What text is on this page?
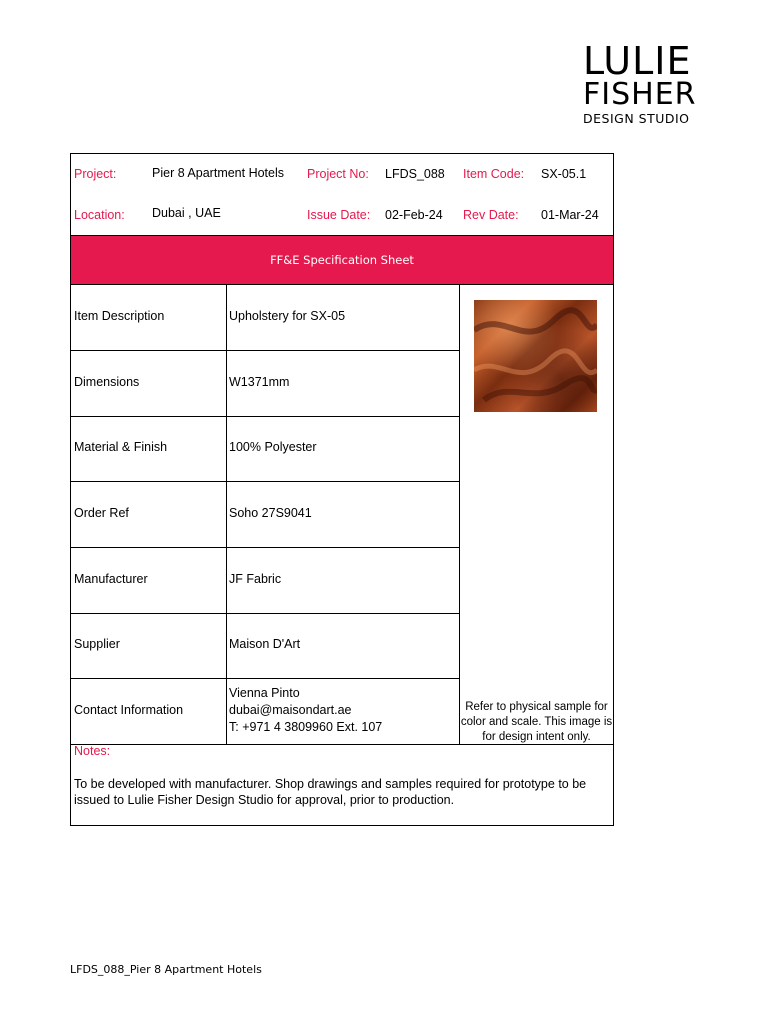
LULIE
FISHER
DESIGN STUDIO
Project:	Pier 8 Apartment Hotels Project No: LFDS_088 Item Code: SX-05.1
Location: Dubai , UAE	Issue Date: 02-Feb-24 Rev Date: 01-Mar-24
FF&E Specification Sheet
Item Description	Upholstery for SX-05
Dimensions	W1371mm
Material & Finish	100% Polyester
Order Ref	Soho 27S9041
Manufacturer	JF Fabric
Supplier	Maison D'Art
Contact Information
Vienna Pinto
dubai@maisondart.ae
T: +971 4 3809960 Ext. 107
Refer to physical sample for color and scale. This image is for design intent only.
Notes:
To be developed with manufacturer. Shop drawings and samples required for prototype to be issued to Lulie Fisher Design Studio for approval, prior to production.
LFDS_088_Pier 8 Apartment Hotels
